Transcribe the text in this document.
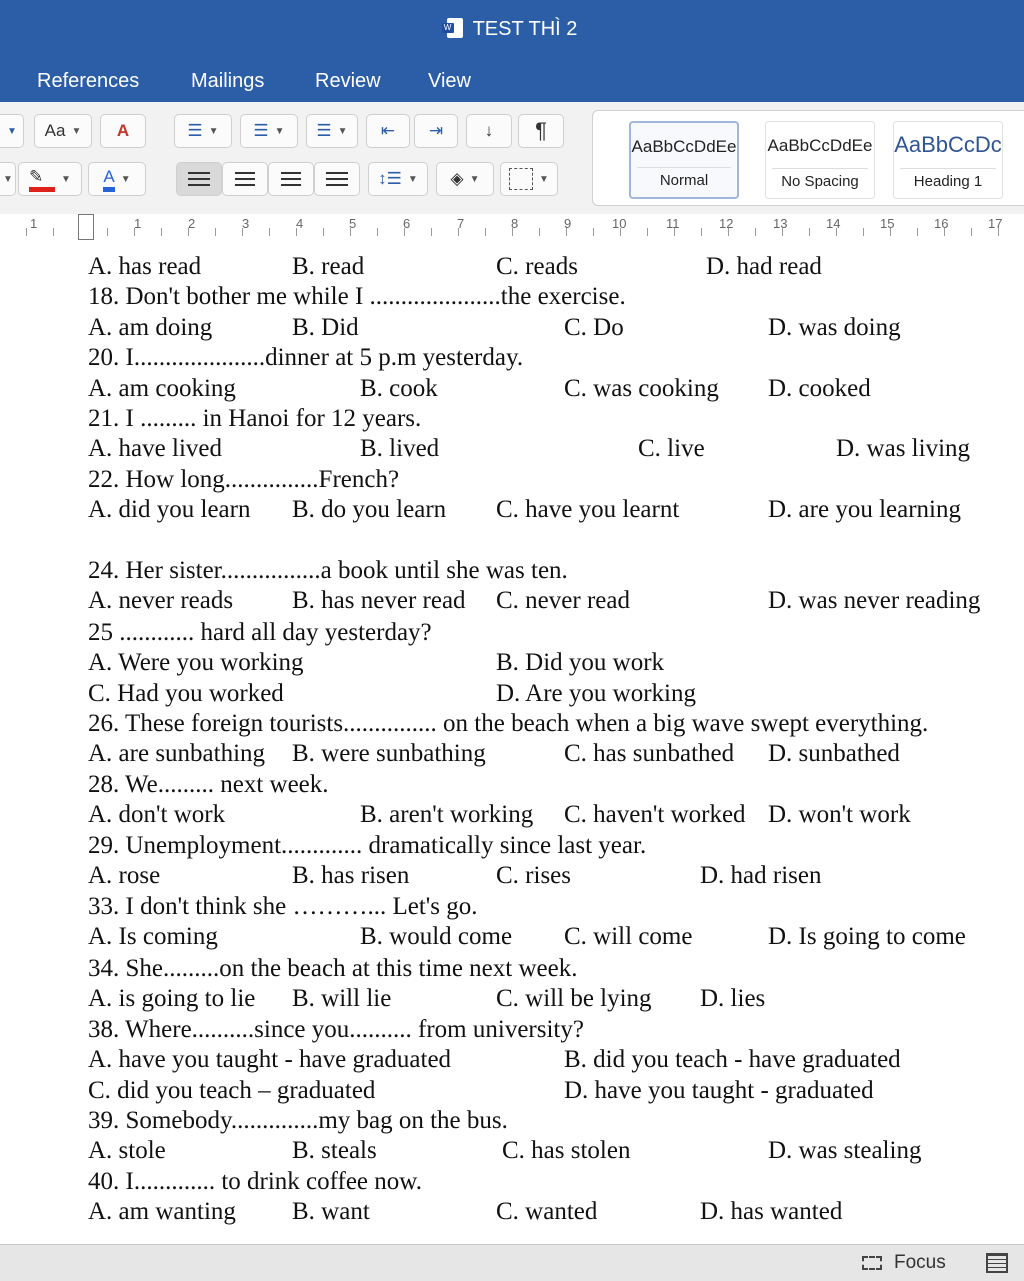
WTEST THÌ 2
References	Mailings	Review View
▼	Aa ▼	A	☰ ▼	☰ ▼	☰ ▼	⇤	⇥	↓	¶
▼ ✎	▼ A ▼	↕☰ ▼	◈ ▼	▼
AaBbCcDdEe
Normal
AaBbCcDdEe
No Spacing
AaBbCcDc
Heading 1
1	1	2	3	4	5	6	7	8	9	10	11	12	13	14	15	16	17
A. has read	B. read	C. reads	D. had read
18. Don't bother me while I .....................the exercise.
A. am doing	B. Did	C. Do	D. was doing
20. I.....................dinner at 5 p.m yesterday.
A. am cooking	B. cook	C. was cooking D. cooked
21. I ......... in Hanoi for 12 years.
A. have lived	B. lived	C. live	D. was living
22. How long...............French?
A. did you learn B. do you learn C. have you learnt	D. are you learning
24. Her sister................a book until she was ten.
A. never reads B. has never read C. never read	D. was never reading
25 ............ hard all day yesterday?
A. Were you working	B. Did you work
C. Had you worked	D. Are you working
26. These foreign tourists............... on the beach when a big wave swept everything.
A. are sunbathing B. were sunbathing	C. has sunbathed D. sunbathed
28. We......... next week.
A. don't work	B. aren't working C. haven't worked D. won't work
29. Unemployment............. dramatically since last year.
A. rose	B. has risen	C. rises	D. had risen
33. I don't think she ………... Let's go.
A. Is coming	B. would come C. will come	D. Is going to come
34. She.........on the beach at this time next week.
A. is going to lie B. will lie	C. will be lying D. lies
38. Where..........since you.......... from university?
A. have you taught - have graduated	B. did you teach - have graduated
C. did you teach – graduated	D. have you taught - graduated
39. Somebody..............my bag on the bus.
A. stole	B. steals	C. has stolen	D. was stealing
40. I............. to drink coffee now.
A. am wanting B. want	C. wanted	D. has wanted
Focus
